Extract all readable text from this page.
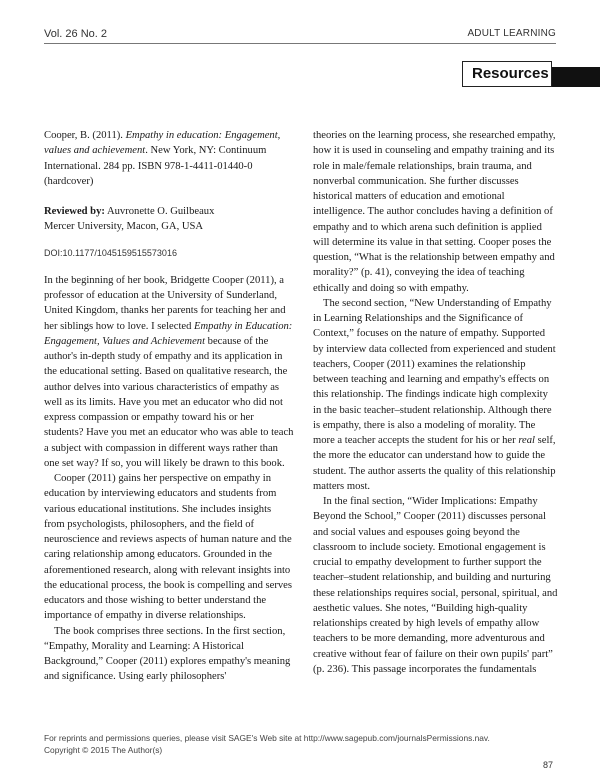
Vol. 26 No. 2	ADULT LEARNING
Resources

Cooper, B. (2011). Empathy in education: Engagement, values and achievement. New York, NY: Continuum International. 284 pp. ISBN 978-1-4411-01440-0 (hardcover)

Reviewed by: Auvronette O. Guilbeaux

Mercer University, Macon, GA, USA

DOI:10.1177/1045159515573016

In the beginning of her book, Bridgette Cooper (2011), a professor of education at the University of Sunderland, United Kingdom, thanks her parents for teaching her and her siblings how to love. I selected Empathy in Education: Engagement, Values and Achievement because of the author's in-depth study of empathy and its application in the educational setting. Based on qualitative research, the author delves into various characteristics of empathy as well as its limits. Have you met an educator who did not express compassion or empathy toward his or her students? Have you met an educator who was able to teach a subject with compassion in different ways rather than one set way? If so, you will likely be drawn to this book.

Cooper (2011) gains her perspective on empathy in education by interviewing educators and students from various educational institutions. She includes insights from psychologists, philosophers, and the field of neuroscience and reviews aspects of human nature and the caring relationship among educators. Grounded in the aforementioned research, along with relevant insights into the educational process, the book is compelling and serves educators and those wishing to better understand the importance of empathy in diverse relationships.

The book comprises three sections. In the first section, “Empathy, Morality and Learning: A Historical Background,” Cooper (2011) explores empathy's meaning and significance. Using early philosophers'

theories on the learning process, she researched empathy, how it is used in counseling and empathy training and its role in male/female relationships, brain trauma, and nonverbal communication. She further discusses historical matters of education and emotional intelligence. The author concludes having a definition of empathy and to which arena such definition is applied will determine its value in that setting. Cooper poses the question, “What is the relationship between empathy and morality?” (p. 41), conveying the idea of teaching ethically and doing so with empathy.

The second section, “New Understanding of Empathy in Learning Relationships and the Significance of Context,” focuses on the nature of empathy. Supported by interview data collected from experienced and student teachers, Cooper (2011) examines the relationship between teaching and learning and empathy's effects on this relationship. The findings indicate high complexity in the basic teacher–student relationship. Although there is empathy, there is also a modeling of morality. The more a teacher accepts the student for his or her real self, the more the educator can understand how to guide the student. The author asserts the quality of this relationship matters most.

In the final section, “Wider Implications: Empathy Beyond the School,” Cooper (2011) discusses personal and social values and espouses going beyond the classroom to include society. Emotional engagement is crucial to empathy development to further support the teacher–student relationship, and building and nurturing these relationships requires social, personal, spiritual, and aesthetic values. She notes, “Building high-quality relationships created by high levels of empathy allow teachers to be more demanding, more adventurous and creative without fear of failure on their own pupils' part” (p. 236). This passage incorporates the fundamentals

For reprints and permissions queries, please visit SAGE's Web site at http://www.sagepub.com/journalsPermissions.nav.
Copyright © 2015 The Author(s)
87
